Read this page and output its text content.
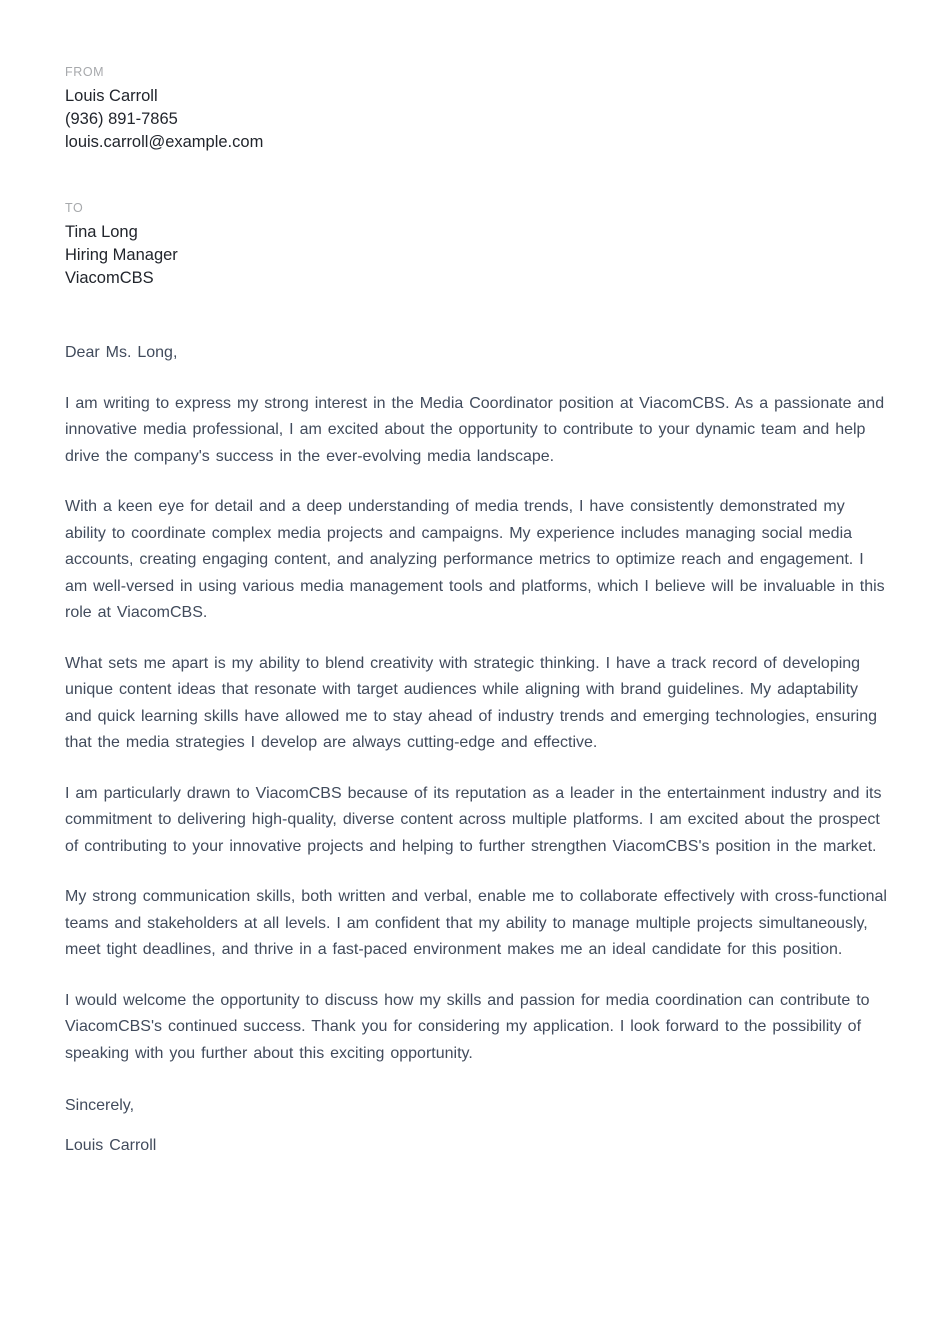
FROM
Louis Carroll
(936) 891-7865
louis.carroll@example.com
TO
Tina Long
Hiring Manager
ViacomCBS

Dear Ms. Long,

I am writing to express my strong interest in the Media Coordinator position at ViacomCBS. As a passionate and innovative media professional, I am excited about the opportunity to contribute to your dynamic team and help drive the company's success in the ever-evolving media landscape.

With a keen eye for detail and a deep understanding of media trends, I have consistently demonstrated my ability to coordinate complex media projects and campaigns. My experience includes managing social media accounts, creating engaging content, and analyzing performance metrics to optimize reach and engagement. I am well-versed in using various media management tools and platforms, which I believe will be invaluable in this role at ViacomCBS.

What sets me apart is my ability to blend creativity with strategic thinking. I have a track record of developing unique content ideas that resonate with target audiences while aligning with brand guidelines. My adaptability and quick learning skills have allowed me to stay ahead of industry trends and emerging technologies, ensuring that the media strategies I develop are always cutting-edge and effective.

I am particularly drawn to ViacomCBS because of its reputation as a leader in the entertainment industry and its commitment to delivering high-quality, diverse content across multiple platforms. I am excited about the prospect of contributing to your innovative projects and helping to further strengthen ViacomCBS's position in the market.

My strong communication skills, both written and verbal, enable me to collaborate effectively with cross-functional teams and stakeholders at all levels. I am confident that my ability to manage multiple projects simultaneously, meet tight deadlines, and thrive in a fast-paced environment makes me an ideal candidate for this position.

I would welcome the opportunity to discuss how my skills and passion for media coordination can contribute to ViacomCBS's continued success. Thank you for considering my application. I look forward to the possibility of speaking with you further about this exciting opportunity.

Sincerely,

Louis Carroll
